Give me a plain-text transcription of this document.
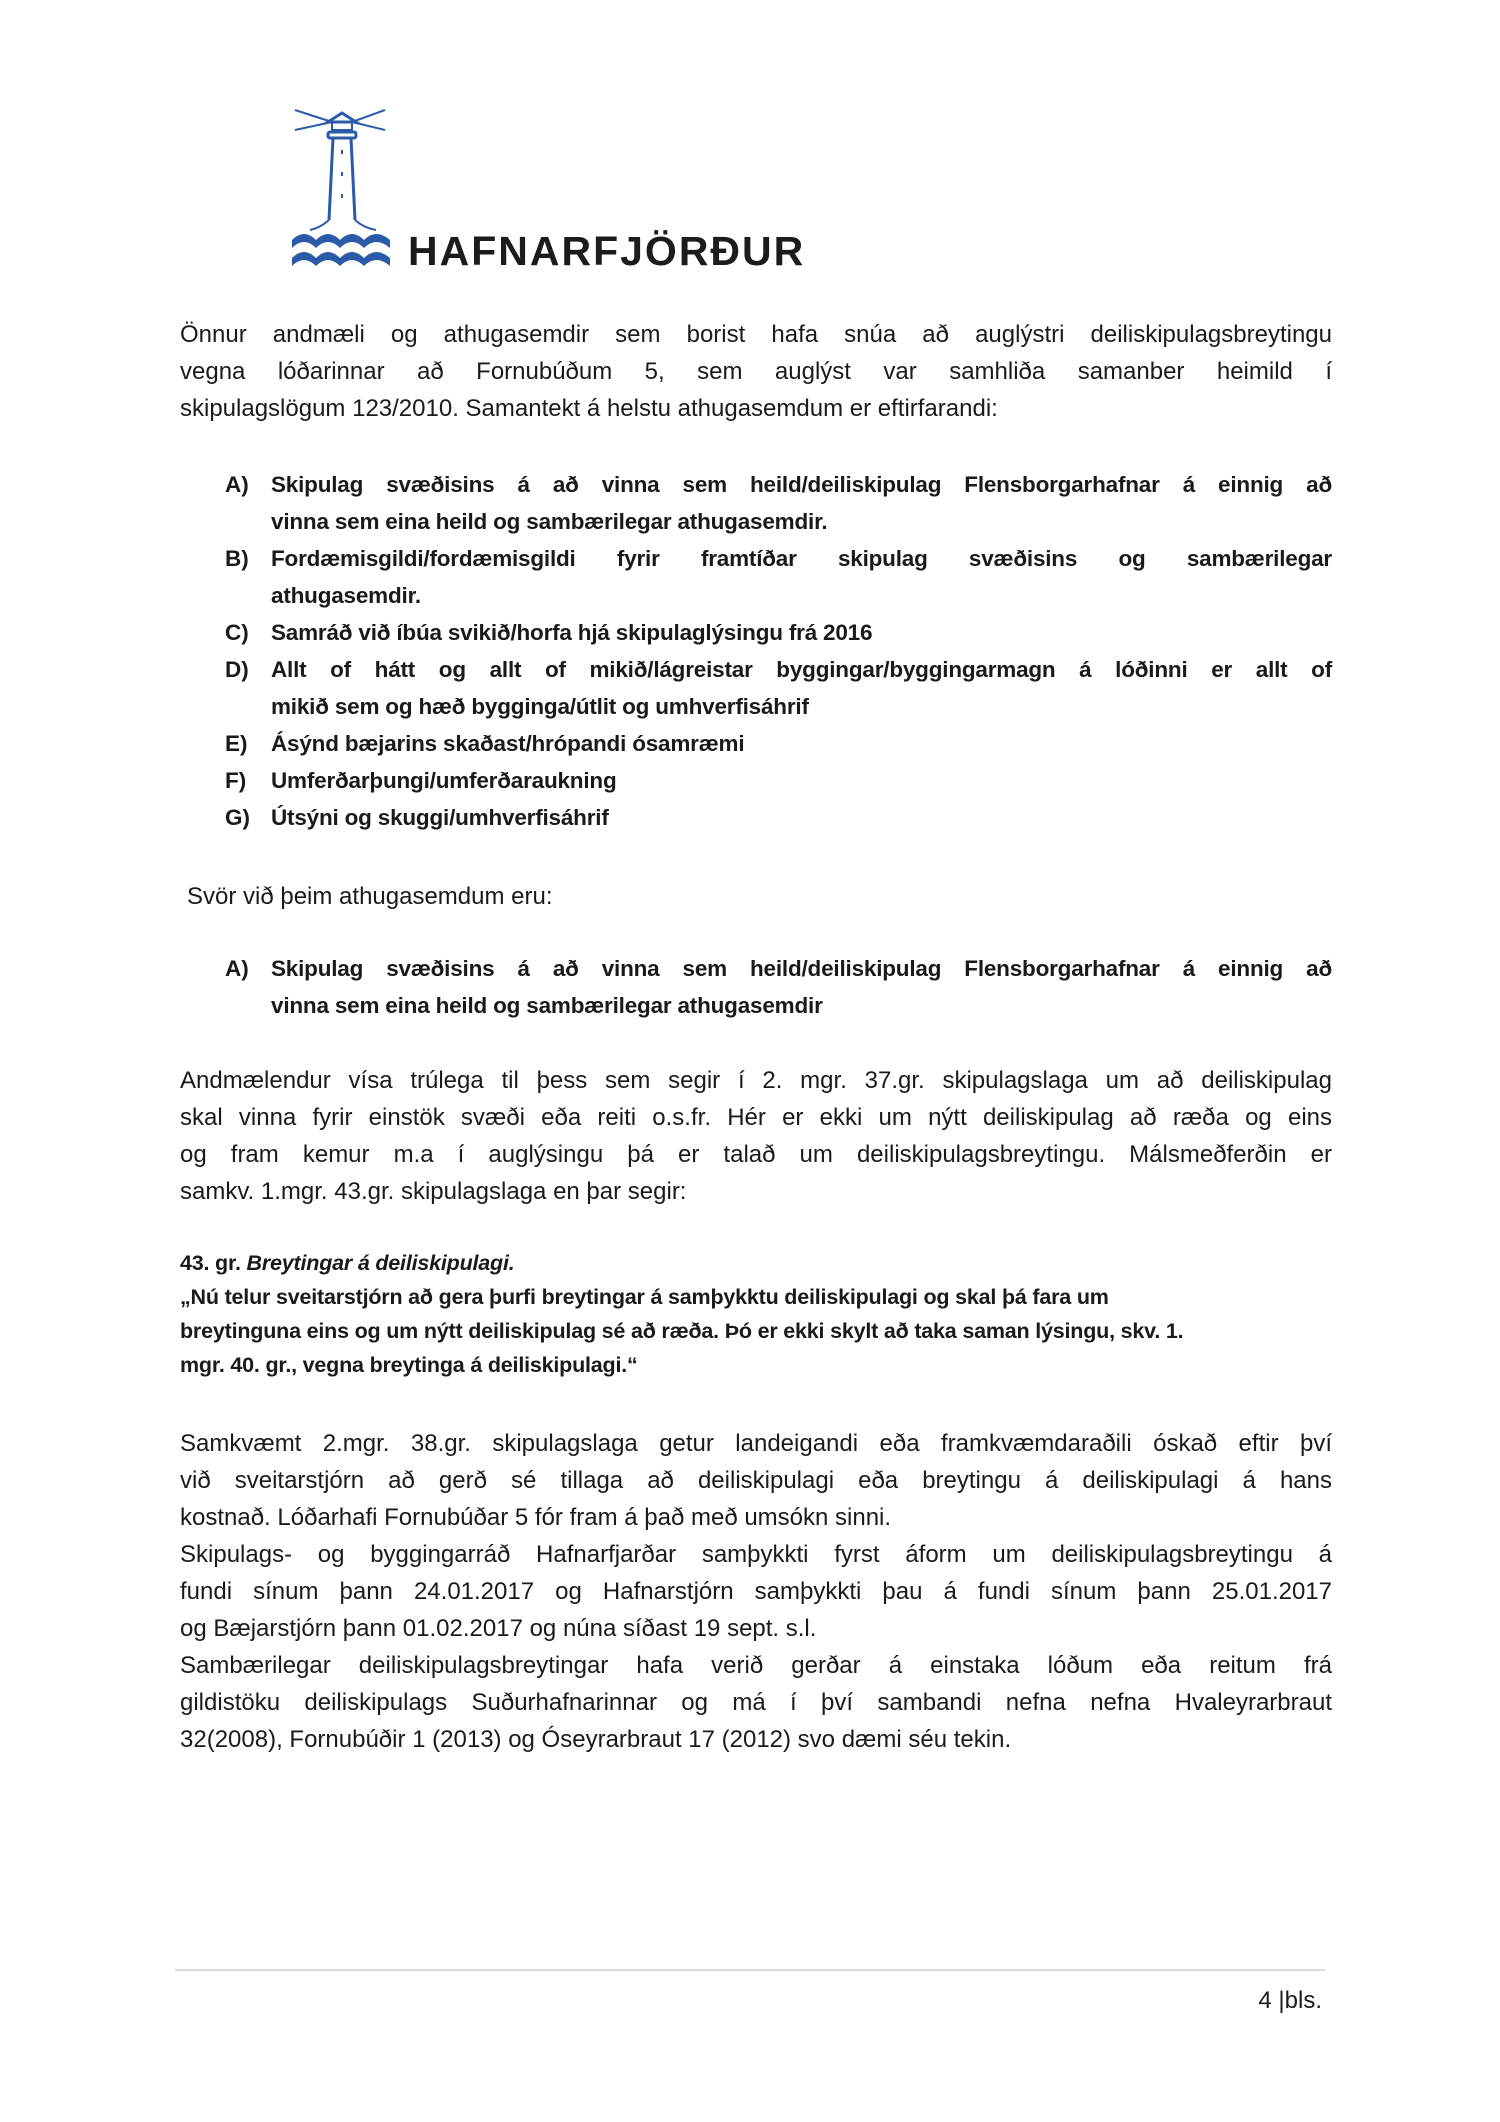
HAFNARFJÖRÐUR
Önnur andmæli og athugasemdir sem borist hafa snúa að auglýstri deiliskipulagsbreytingu
vegna lóðarinnar að Fornubúðum 5, sem auglýst var samhliða samanber heimild í
skipulagslögum 123/2010. Samantekt á helstu athugasemdum er eftirfarandi:
A) Skipulag svæðisins á að vinna sem heild/deiliskipulag Flensborgarhafnar á einnig að
vinna sem eina heild og sambærilegar athugasemdir.
B) Fordæmisgildi/fordæmisgildi fyrir framtíðar skipulag svæðisins og sambærilegar
athugasemdir.
C) Samráð við íbúa svikið/horfa hjá skipulaglýsingu frá 2016
D) Allt of hátt og allt of mikið/lágreistar byggingar/byggingarmagn á lóðinni er allt of
mikið sem og hæð bygginga/útlit og umhverfisáhrif
E) Ásýnd bæjarins skaðast/hrópandi ósamræmi
F) Umferðarþungi/umferðaraukning
G) Útsýni og skuggi/umhverfisáhrif
Svör við þeim athugasemdum eru:
A) Skipulag svæðisins á að vinna sem heild/deiliskipulag Flensborgarhafnar á einnig að
vinna sem eina heild og sambærilegar athugasemdir
Andmælendur vísa trúlega til þess sem segir í 2. mgr. 37.gr. skipulagslaga um að deiliskipulag
skal vinna fyrir einstök svæði eða reiti o.s.fr. Hér er ekki um nýtt deiliskipulag að ræða og eins
og fram kemur m.a í auglýsingu þá er talað um deiliskipulagsbreytingu. Málsmeðferðin er
samkv. 1.mgr. 43.gr. skipulagslaga en þar segir:
43. gr. Breytingar á deiliskipulagi.
„Nú telur sveitarstjórn að gera þurfi breytingar á samþykktu deiliskipulagi og skal þá fara um
breytinguna eins og um nýtt deiliskipulag sé að ræða. Þó er ekki skylt að taka saman lýsingu, skv. 1.
mgr. 40. gr., vegna breytinga á deiliskipulagi.“
Samkvæmt 2.mgr. 38.gr. skipulagslaga getur landeigandi eða framkvæmdaraðili óskað eftir því
við sveitarstjórn að gerð sé tillaga að deiliskipulagi eða breytingu á deiliskipulagi á hans
kostnað. Lóðarhafi Fornubúðar 5 fór fram á það með umsókn sinni.
Skipulags- og byggingarráð Hafnarfjarðar samþykkti fyrst áform um deiliskipulagsbreytingu á
fundi sínum þann 24.01.2017 og Hafnarstjórn samþykkti þau á fundi sínum þann 25.01.2017
og Bæjarstjórn þann 01.02.2017 og núna síðast 19 sept. s.l.
Sambærilegar deiliskipulagsbreytingar hafa verið gerðar á einstaka lóðum eða reitum frá
gildistöku deiliskipulags Suðurhafnarinnar og má í því sambandi nefna nefna Hvaleyrarbraut
32(2008), Fornubúðir 1 (2013) og Óseyrarbraut 17 (2012) svo dæmi séu tekin.
4 |bls.
